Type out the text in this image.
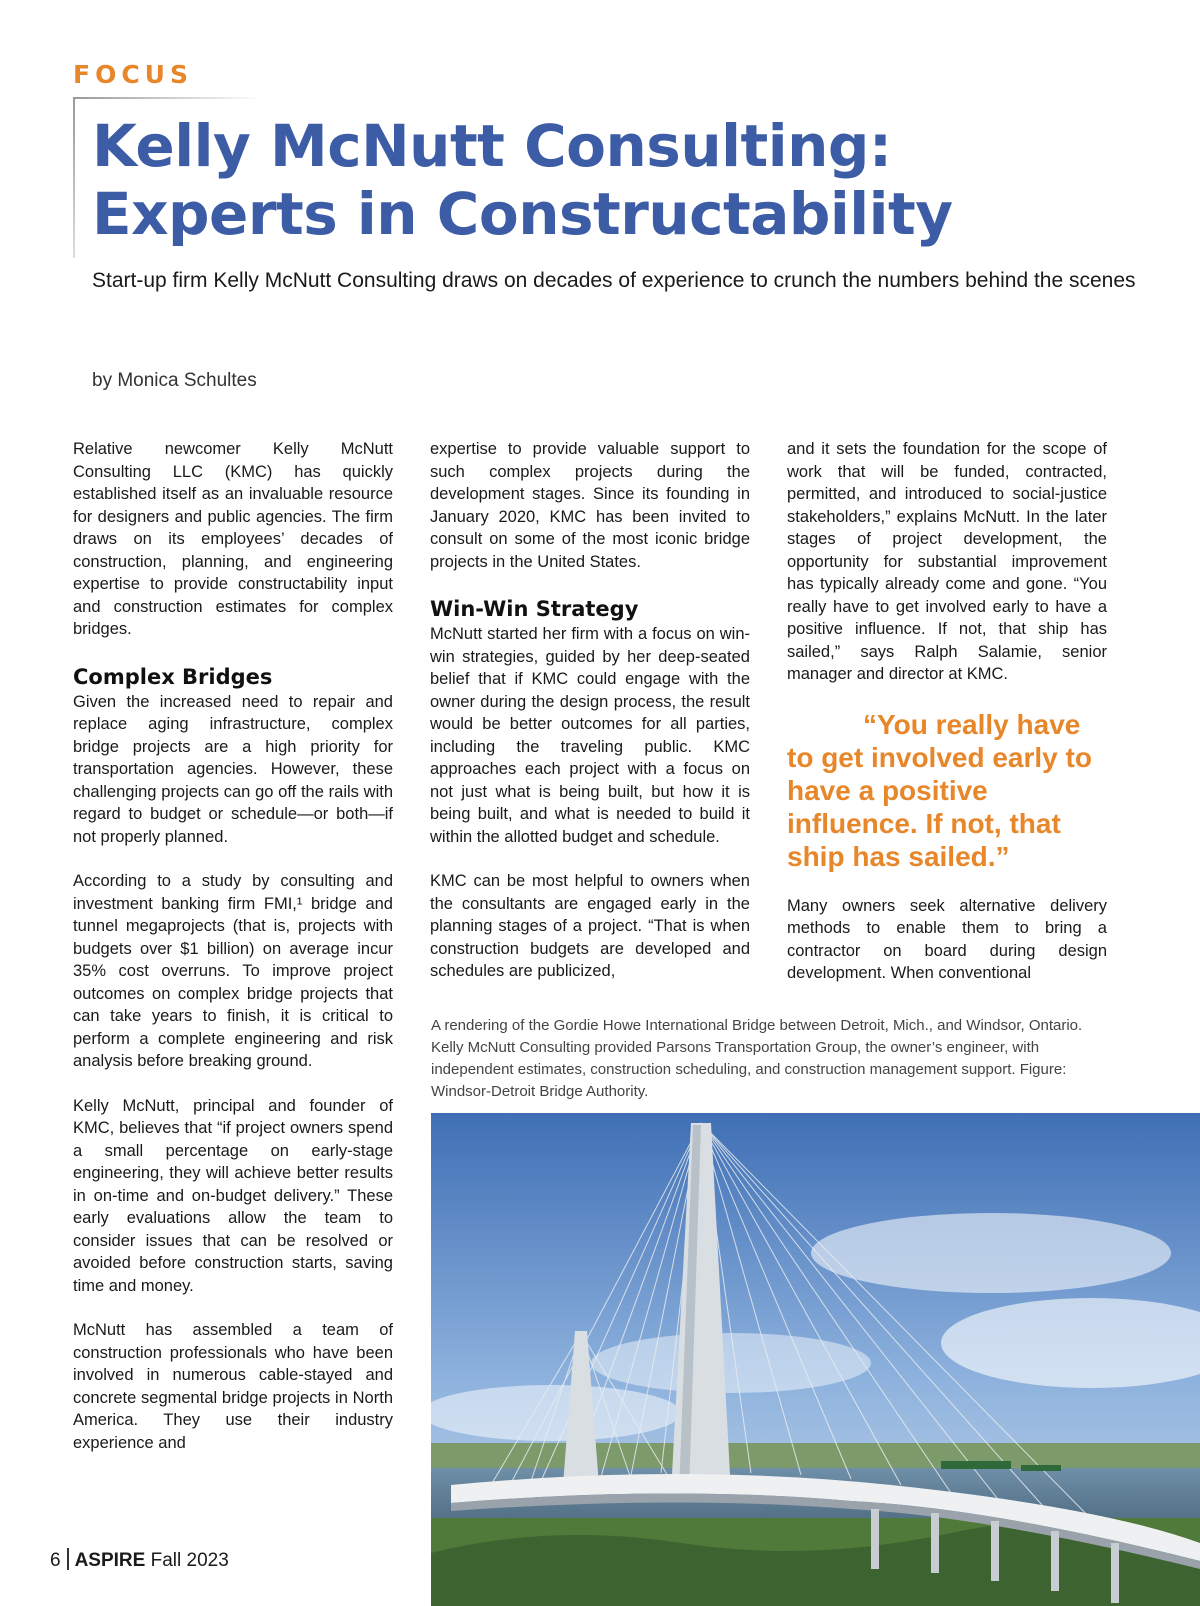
FOCUS
Kelly McNutt Consulting:
Experts in Constructability
Start-up firm Kelly McNutt Consulting draws on decades of experience to crunch the numbers behind the scenes
by Monica Schultes

Relative newcomer Kelly McNutt Consulting LLC (KMC) has quickly established itself as an invaluable resource for designers and public agencies. The firm draws on its employees’ decades of construction, planning, and engineering expertise to provide constructability input and construction estimates for complex bridges.

Complex Bridges

Given the increased need to repair and replace aging infrastructure, complex bridge projects are a high priority for transportation agencies. However, these challenging projects can go off the rails with regard to budget or schedule—or both—if not properly planned.

According to a study by consulting and investment banking firm FMI,¹ bridge and tunnel megaprojects (that is, projects with budgets over $1 billion) on average incur 35% cost overruns. To improve project outcomes on complex bridge projects that can take years to finish, it is critical to perform a complete engineering and risk analysis before breaking ground.

Kelly McNutt, principal and founder of KMC, believes that “if project owners spend a small percentage on early-stage engineering, they will achieve better results in on-time and on-budget delivery.” These early evaluations allow the team to consider issues that can be resolved or avoided before construction starts, saving time and money.

McNutt has assembled a team of construction professionals who have been involved in numerous cable-stayed and concrete segmental bridge projects in North America. They use their industry experience and

expertise to provide valuable support to such complex projects during the development stages. Since its founding in January 2020, KMC has been invited to consult on some of the most iconic bridge projects in the United States.

Win-Win Strategy

McNutt started her firm with a focus on win-win strategies, guided by her deep-seated belief that if KMC could engage with the owner during the design process, the result would be better outcomes for all parties, including the traveling public. KMC approaches each project with a focus on not just what is being built, but how it is being built, and what is needed to build it within the allotted budget and schedule.

KMC can be most helpful to owners when the consultants are engaged early in the planning stages of a project. “That is when construction budgets are developed and schedules are publicized,

and it sets the foundation for the scope of work that will be funded, contracted, permitted, and introduced to social-justice stakeholders,” explains McNutt. In the later stages of project development, the opportunity for substantial improvement has typically already come and gone. “You really have to get involved early to have a positive influence. If not, that ship has sailed,” says Ralph Salamie, senior manager and director at KMC.

“You really have to get involved early to have a positive influence. If not, that ship has sailed.”

Many owners seek alternative delivery methods to enable them to bring a contractor on board during design development. When conventional

A rendering of the Gordie Howe International Bridge between Detroit, Mich., and Windsor, Ontario. Kelly McNutt Consulting provided Parsons Transportation Group, the owner’s engineer, with independent estimates, construction scheduling, and construction management support. Figure: Windsor-Detroit Bridge Authority.
6 ASPIRE Fall 2023
